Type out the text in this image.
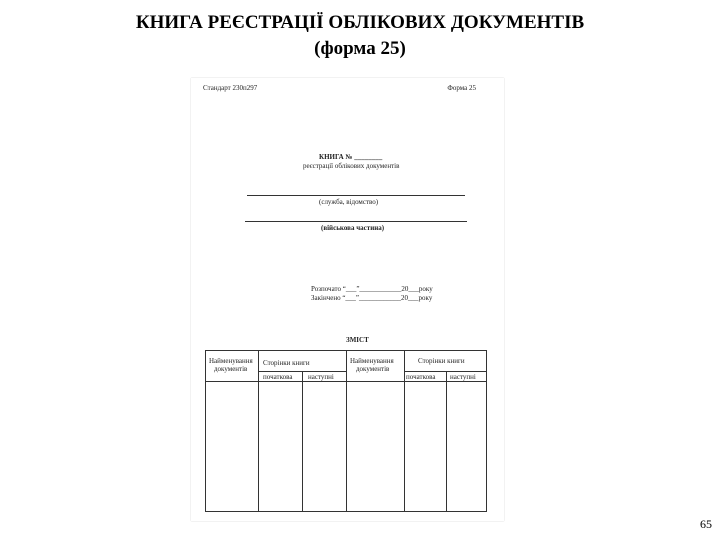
КНИГА РЕЄСТРАЦІЇ ОБЛІКОВИХ ДОКУМЕНТІВ
(форма 25)
Стандарт 230п297	Форма 25
КНИГА № ________
реєстрації облікових документів
(служба, відомство)
(військова частина)
Розпочато “___”____________20___року
Закінчено “___”____________20___року
ЗМІСТ
Найменування
документів
Сторінки книги
початкова наступні
Найменування
документів
Сторінки книги
початкова наступні
65
